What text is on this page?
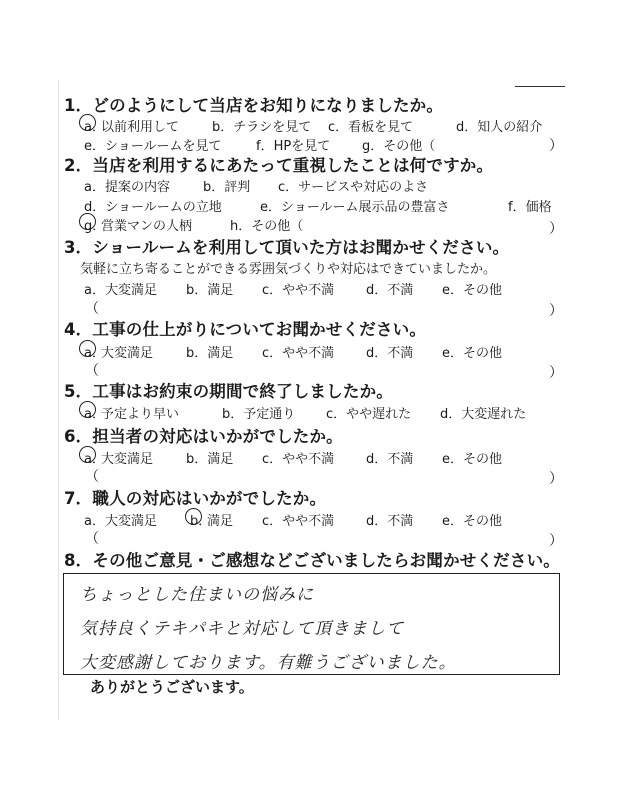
1．どのようにして当店をお知りになりましたか。
a．以前利用して	b．チラシを見て c．看板を見て	d．知人の紹介
e．ショールームを見て	f．HPを見て g．その他（	）
2．当店を利用するにあたって重視したことは何ですか。
a．提案の内容	b．評判 c．サービスや対応のよさ
d．ショールームの立地	e．ショールーム展示品の豊富さ	f．価格
g．営業マンの人柄	h．その他（	）
3．ショールームを利用して頂いた方はお聞かせください。
気軽に立ち寄ることができる雰囲気づくりや対応はできていましたか。
a．大変満足 b．満足 c．やや不満 d．不満 e．その他
（	）
4．工事の仕上がりについてお聞かせください。
a．大変満足	b．満足 c．やや不満 d．不満 e．その他
（	）
5．工事はお約束の期間で終了しましたか。
a．予定より早い	b．予定通り c．やや遅れた d．大変遅れた
6．担当者の対応はいかがでしたか。
a．大変満足	b．満足 c．やや不満 d．不満 e．その他
（	）
7．職人の対応はいかがでしたか。
a．大変満足	b．満足 c．やや不満 d．不満 e．その他
（	）
8．その他ご意見・ご感想などございましたらお聞かせください。
ちょっとした住まいの悩みに
気持良くテキパキと対応して頂きまして
大変感謝しております。有難うございました。
ありがとうございます。
